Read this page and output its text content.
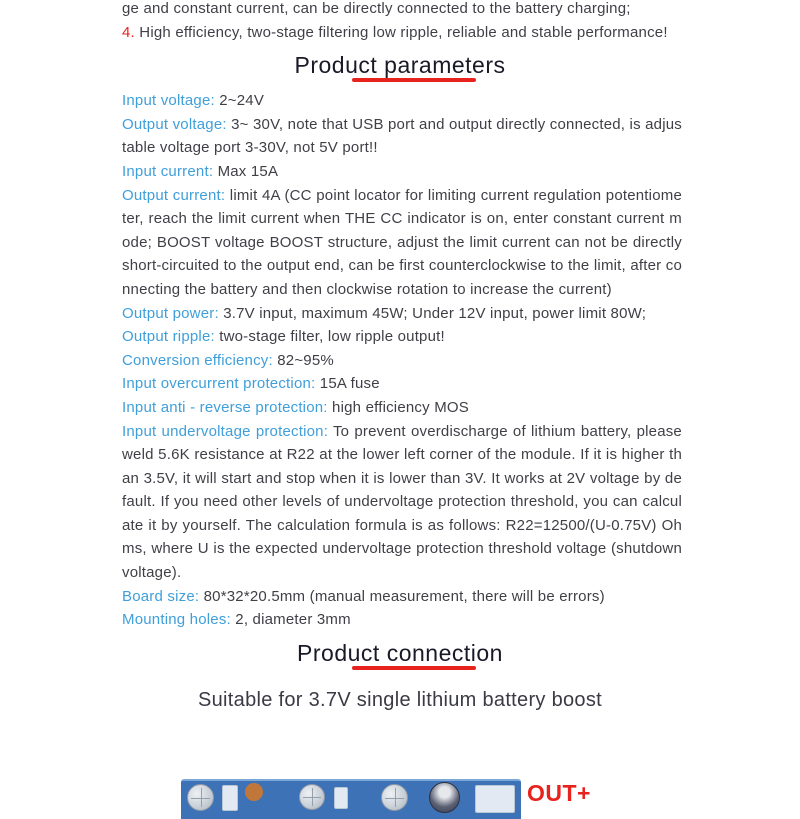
ge and constant current, can be directly connected to the battery charging;

4. High efficiency, two-stage filtering low ripple, reliable and stable performance!

Product parameters

Input voltage: 2~24V

Output voltage: 3~ 30V, note that USB port and output directly connected, is adjustable voltage port 3-30V, not 5V port!!

Input current: Max 15A

Output current: limit 4A (CC point locator for limiting current regulation potentiometer, reach the limit current when THE CC indicator is on, enter constant current mode; BOOST voltage BOOST structure, adjust the limit current can not be directly short-circuited to the output end, can be first counterclockwise to the limit, after connecting the battery and then clockwise rotation to increase the current)

Output power: 3.7V input, maximum 45W; Under 12V input, power limit 80W;

Output ripple: two-stage filter, low ripple output!

Conversion efficiency: 82~95%

Input overcurrent protection: 15A fuse

Input anti - reverse protection: high efficiency MOS

Input undervoltage protection: To prevent overdischarge of lithium battery, please weld 5.6K resistance at R22 at the lower left corner of the module. If it is higher than 3.5V, it will start and stop when it is lower than 3V. It works at 2V voltage by default. If you need other levels of undervoltage protection threshold, you can calculate it by yourself. The calculation formula is as follows: R22=12500/(U-0.75V) Ohms, where U is the expected undervoltage protection threshold voltage (shutdown voltage).

Board size: 80*32*20.5mm (manual measurement, there will be errors)

Mounting holes: 2, diameter 3mm

Product connection

Suitable for 3.7V single lithium battery boost

OUT+
